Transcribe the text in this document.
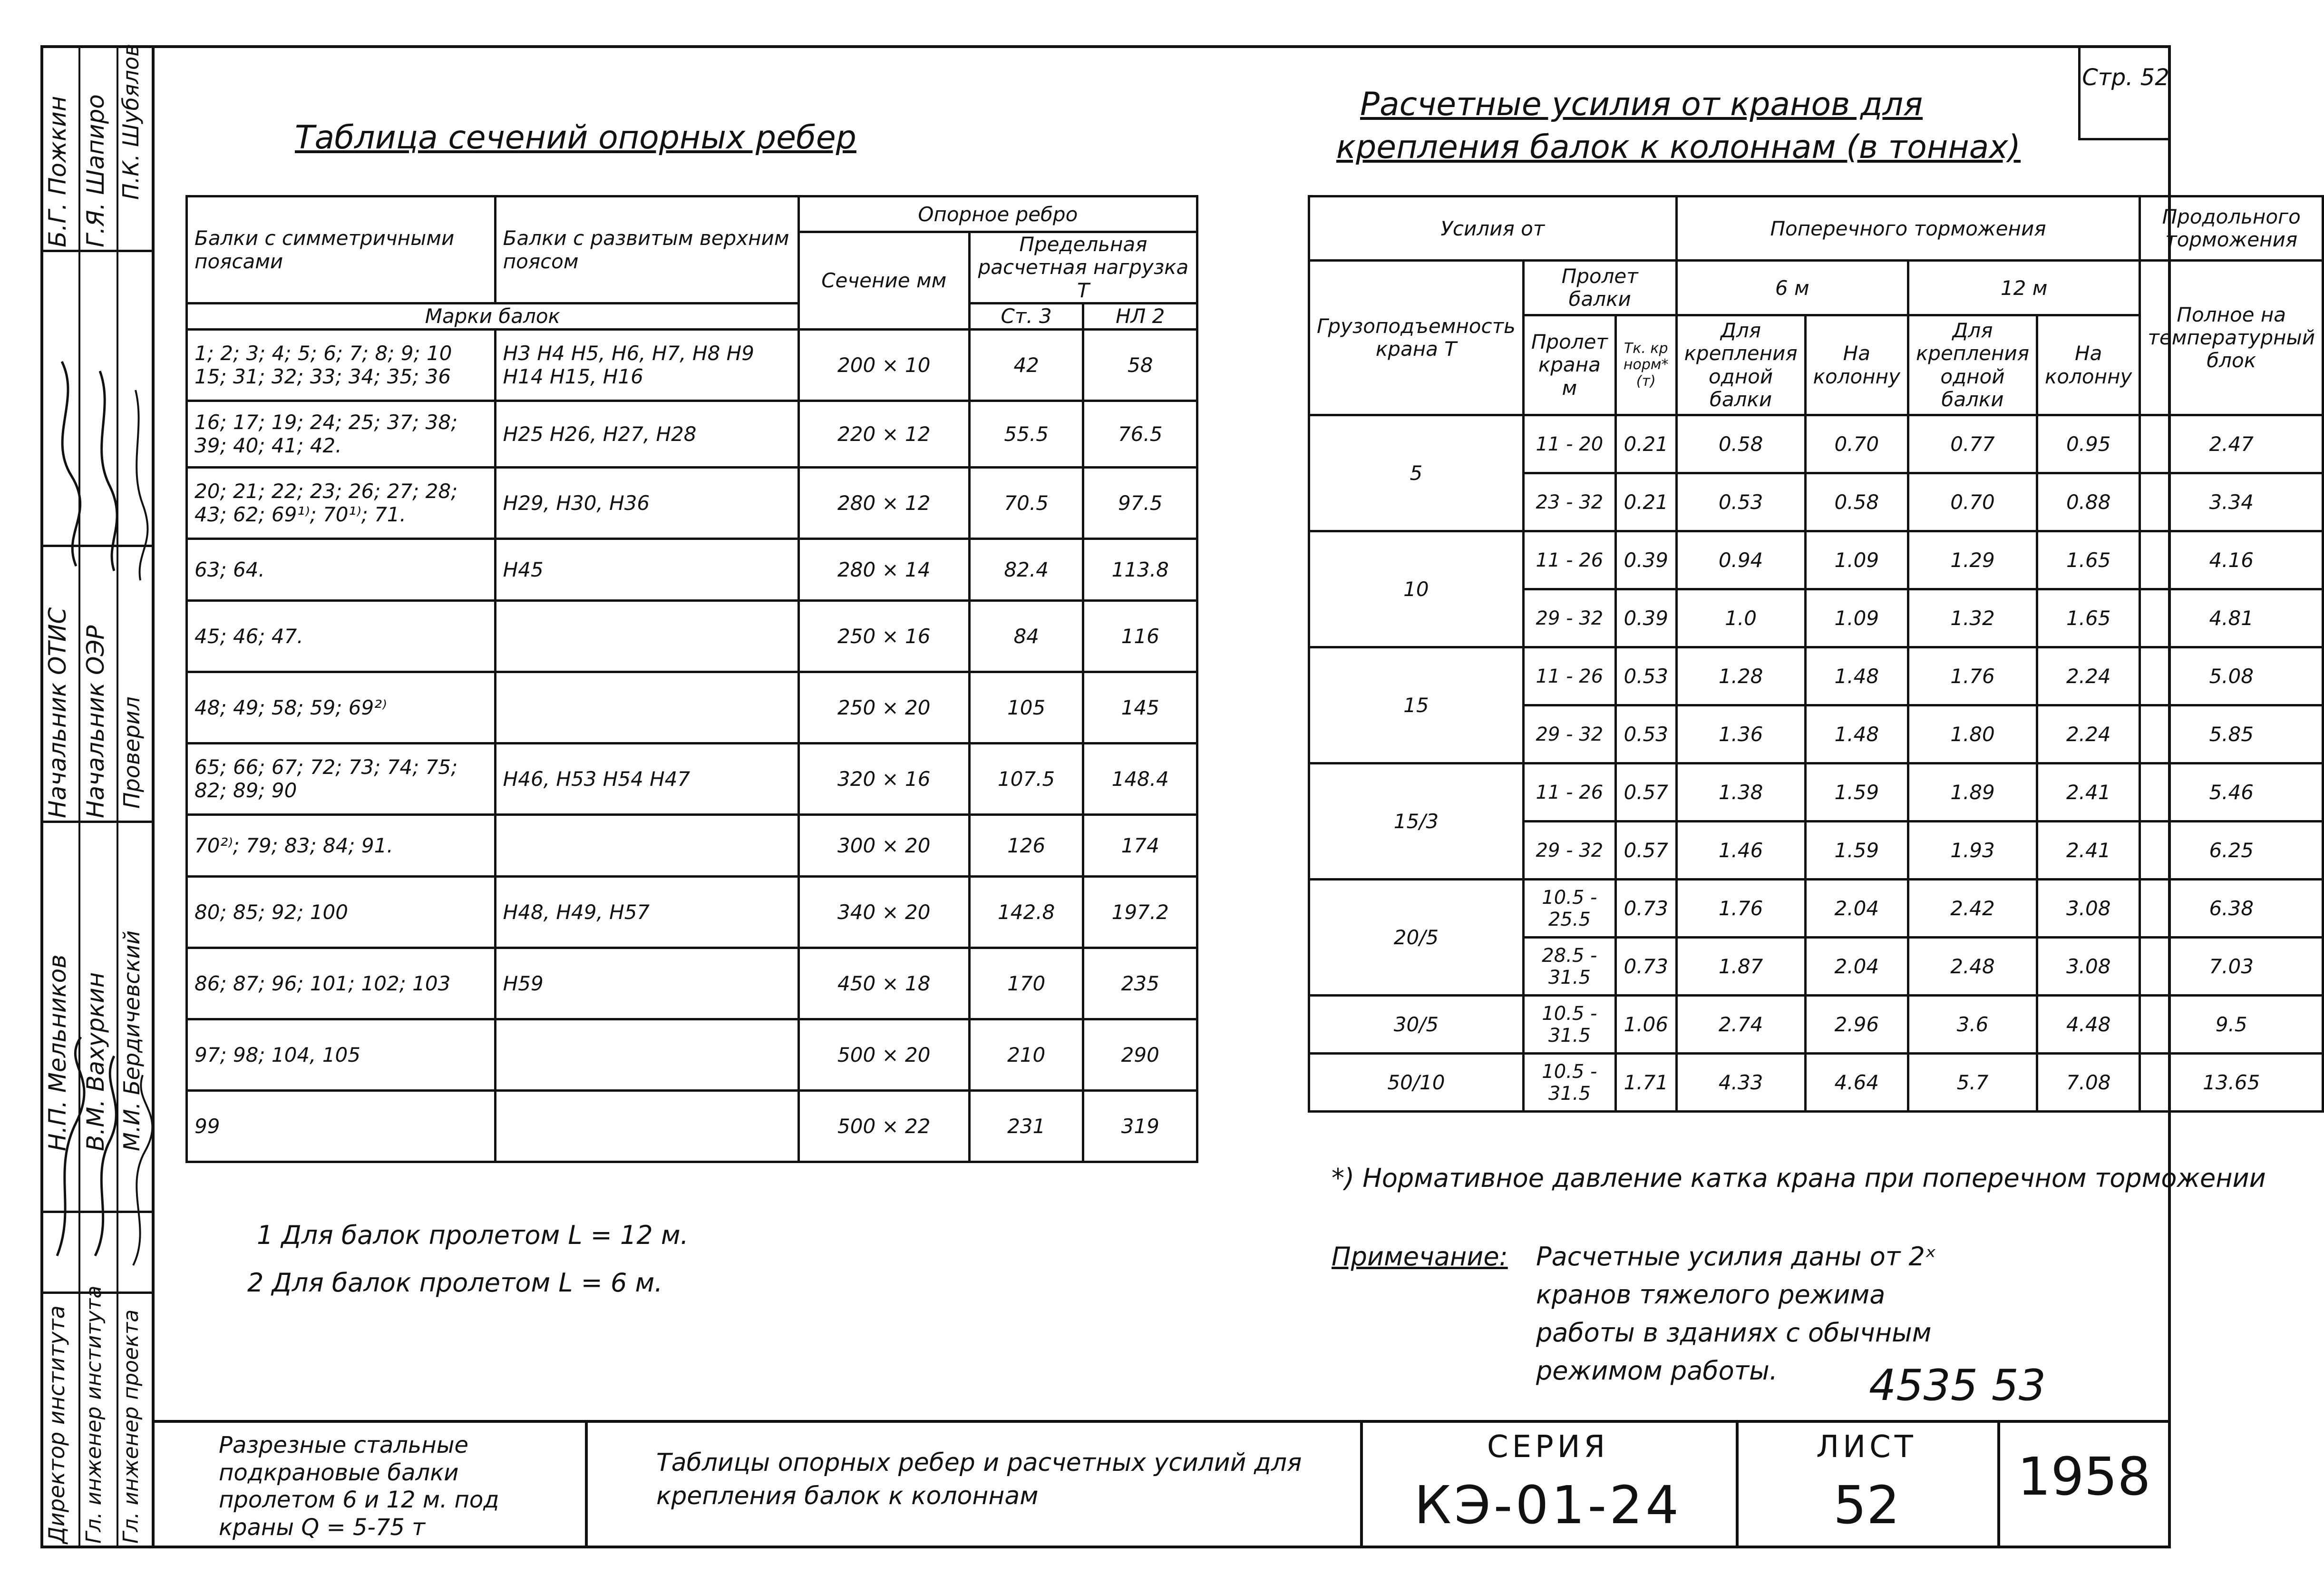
Б.Г. Пожкин Г.Я. Шапиро П.К. Шубялов
Начальник ОТИС Начальник ОЭР Проверил
Н.П. Мельников В.М. Вахуркин М.И. Бердичевский
Директор института Гл. инженер института Гл. инженер проекта
Таблица сечений опорных ребер
Балки с симметричными поясами	Балки с развитым верхним поясом	Опорное ребро		
		Сечение мм	Предельная расчетная нагрузка Т	
Марки балок			Ст. 3	НЛ 2
1; 2; 3; 4; 5; 6; 7; 8; 9; 10 15; 31; 32; 33; 34; 35; 36	Н3 Н4 Н5, Н6, Н7, Н8 Н9 Н14 Н15, Н16	200 × 10	42	58
16; 17; 19; 24; 25; 37; 38; 39; 40; 41; 42.	Н25 Н26, Н27, Н28	220 × 12	55.5	76.5
20; 21; 22; 23; 26; 27; 28; 43; 62; 69¹⁾; 70¹⁾; 71.	Н29, Н30, Н36	280 × 12	70.5	97.5
63; 64.	Н45	280 × 14	82.4	113.8
45; 46; 47.		250 × 16	84	116
48; 49; 58; 59; 69²⁾		250 × 20	105	145
65; 66; 67; 72; 73; 74; 75; 82; 89; 90	Н46, Н53 Н54 Н47	320 × 16	107.5	148.4
70²⁾; 79; 83; 84; 91.		300 × 20	126	174
80; 85; 92; 100	Н48, Н49, Н57	340 × 20	142.8	197.2
86; 87; 96; 101; 102; 103	Н59	450 × 18	170	235
97; 98; 104, 105		500 × 20	210	290
99		500 × 22	231	319
1 Для балок пролетом L = 12 м.
2 Для балок пролетом L = 6 м.
Расчетные усилия от кранов для
крепления балок к колоннам (в тоннах)
Стр. 52
Усилия от			Поперечного торможения				Продольного торможения
Грузоподъемность крана Т	Пролет балки		6 м		12 м		Полное на температурный блок
	Пролет крана м	Тк. кр норм* (т)	Для крепления одной балки	На колонну	Для крепления одной балки	На колонну	
5	11 - 20	0.21	0.58	0.70	0.77	0.95	2.47
	23 - 32	0.21	0.53	0.58	0.70	0.88	3.34
10	11 - 26	0.39	0.94	1.09	1.29	1.65	4.16
	29 - 32	0.39	1.0	1.09	1.32	1.65	4.81
15	11 - 26	0.53	1.28	1.48	1.76	2.24	5.08
	29 - 32	0.53	1.36	1.48	1.80	2.24	5.85
15/3	11 - 26	0.57	1.38	1.59	1.89	2.41	5.46
	29 - 32	0.57	1.46	1.59	1.93	2.41	6.25
20/5	10.5 - 25.5	0.73	1.76	2.04	2.42	3.08	6.38
	28.5 - 31.5	0.73	1.87	2.04	2.48	3.08	7.03
30/5	10.5 - 31.5	1.06	2.74	2.96	3.6	4.48	9.5
50/10	10.5 - 31.5	1.71	4.33	4.64	5.7	7.08	13.65
*) Нормативное давление катка крана при поперечном торможении
Примечание: Расчетные усилия даны от 2ˣ
кранов тяжелого режима
работы в зданиях с обычным
режимом работы. 4535 53
Разрезные стальные подкрановые балки пролетом 6 и 12 м. под краны Q = 5-75 т
Таблицы опорных ребер и расчетных усилий для крепления балок к колоннам
СЕРИЯ
КЭ-01-24
ЛИСТ
52	1958
